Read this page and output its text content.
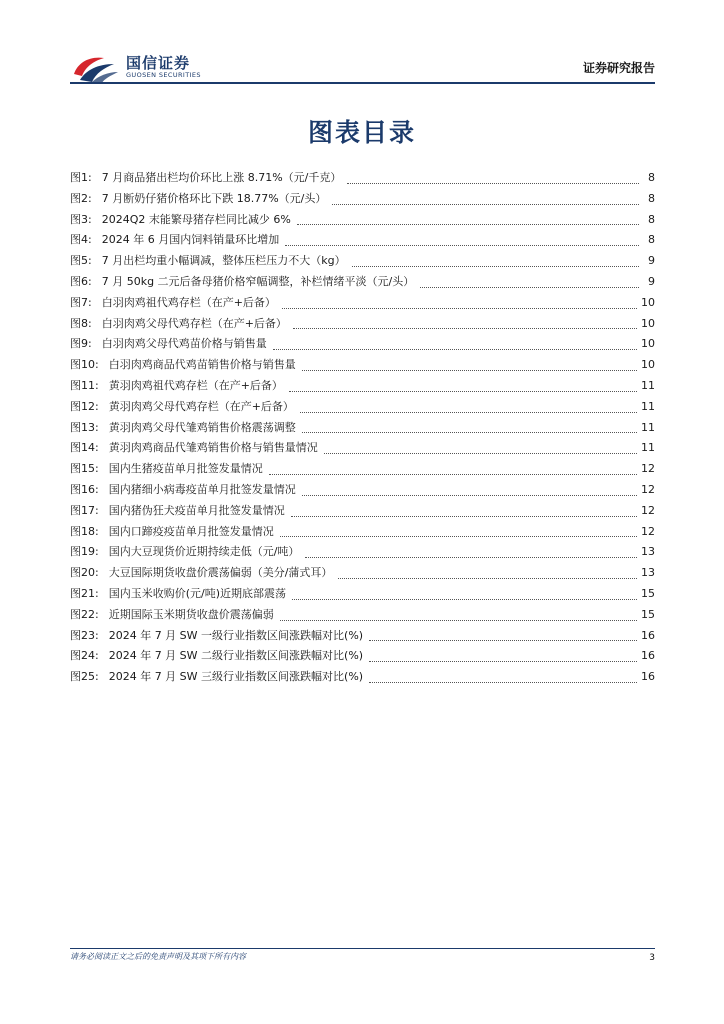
国信证券
GUOSEN SECURITIES	证券研究报告
图表目录
图1: 7 月商品猪出栏均价环比上涨 8.71%（元/千克）	8
图2: 7 月断奶仔猪价格环比下跌 18.77%（元/头）	8
图3: 2024Q2 末能繁母猪存栏同比减少 6%	8
图4: 2024 年 6 月国内饲料销量环比增加	8
图5: 7 月出栏均重小幅调减，整体压栏压力不大（kg）	9
图6: 7 月 50kg 二元后备母猪价格窄幅调整，补栏情绪平淡（元/头）	9
图7: 白羽肉鸡祖代鸡存栏（在产+后备）	10
图8: 白羽肉鸡父母代鸡存栏（在产+后备）	10
图9: 白羽肉鸡父母代鸡苗价格与销售量	10
图10: 白羽肉鸡商品代鸡苗销售价格与销售量	10
图11: 黄羽肉鸡祖代鸡存栏（在产+后备）	11
图12: 黄羽肉鸡父母代鸡存栏（在产+后备）	11
图13: 黄羽肉鸡父母代雏鸡销售价格震荡调整	11
图14: 黄羽肉鸡商品代雏鸡销售价格与销售量情况	11
图15: 国内生猪疫苗单月批签发量情况	12
图16: 国内猪细小病毒疫苗单月批签发量情况	12
图17: 国内猪伪狂犬疫苗单月批签发量情况	12
图18: 国内口蹄疫疫苗单月批签发量情况	12
图19: 国内大豆现货价近期持续走低（元/吨）	13
图20: 大豆国际期货收盘价震荡偏弱（美分/蒲式耳）	13
图21: 国内玉米收购价(元/吨)近期底部震荡	15
图22: 近期国际玉米期货收盘价震荡偏弱	15
图23: 2024 年 7 月 SW 一级行业指数区间涨跌幅对比(%)	16
图24: 2024 年 7 月 SW 二级行业指数区间涨跌幅对比(%)	16
图25: 2024 年 7 月 SW 三级行业指数区间涨跌幅对比(%)	16
请务必阅读正文之后的免责声明及其项下所有内容	3
